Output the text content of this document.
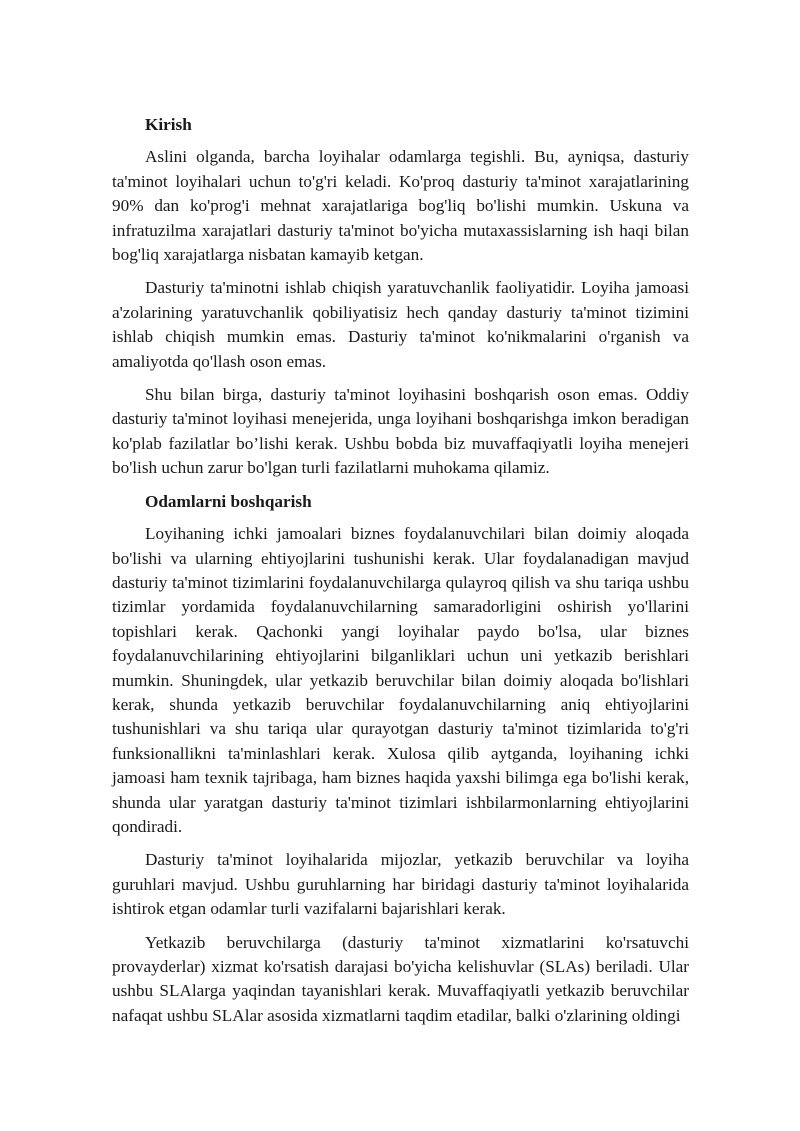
Kirish

Aslini olganda, barcha loyihalar odamlarga tegishli. Bu, ayniqsa, dasturiy ta'minot loyihalari uchun to'g'ri keladi. Ko'proq dasturiy ta'minot xarajatlarining 90% dan ko'prog'i mehnat xarajatlariga bog'liq bo'lishi mumkin. Uskuna va infratuzilma xarajatlari dasturiy ta'minot bo'yicha mutaxassislarning ish haqi bilan bog'liq xarajatlarga nisbatan kamayib ketgan.

Dasturiy ta'minotni ishlab chiqish yaratuvchanlik faoliyatidir. Loyiha jamoasi a'zolarining yaratuvchanlik qobiliyatisiz hech qanday dasturiy ta'minot tizimini ishlab chiqish mumkin emas. Dasturiy ta'minot ko'nikmalarini o'rganish va amaliyotda qo'llash oson emas.

Shu bilan birga, dasturiy ta'minot loyihasini boshqarish oson emas. Oddiy dasturiy ta'minot loyihasi menejerida, unga loyihani boshqarishga imkon beradigan ko'plab fazilatlar bo’lishi kerak. Ushbu bobda biz muvaffaqiyatli loyiha menejeri bo'lish uchun zarur bo'lgan turli fazilatlarni muhokama qilamiz.

Odamlarni boshqarish

Loyihaning ichki jamoalari biznes foydalanuvchilari bilan doimiy aloqada bo'lishi va ularning ehtiyojlarini tushunishi kerak. Ular foydalanadigan mavjud dasturiy ta'minot tizimlarini foydalanuvchilarga qulayroq qilish va shu tariqa ushbu tizimlar yordamida foydalanuvchilarning samaradorligini oshirish yo'llarini topishlari kerak. Qachonki yangi loyihalar paydo bo'lsa, ular biznes foydalanuvchilarining ehtiyojlarini bilganliklari uchun uni yetkazib berishlari mumkin. Shuningdek, ular yetkazib beruvchilar bilan doimiy aloqada bo'lishlari kerak, shunda yetkazib beruvchilar foydalanuvchilarning aniq ehtiyojlarini tushunishlari va shu tariqa ular qurayotgan dasturiy ta'minot tizimlarida to'g'ri funksionallikni ta'minlashlari kerak. Xulosa qilib aytganda, loyihaning ichki jamoasi ham texnik tajribaga, ham biznes haqida yaxshi bilimga ega bo'lishi kerak, shunda ular yaratgan dasturiy ta'minot tizimlari ishbilarmonlarning ehtiyojlarini qondiradi.

Dasturiy ta'minot loyihalarida mijozlar, yetkazib beruvchilar va loyiha guruhlari mavjud. Ushbu guruhlarning har biridagi dasturiy ta'minot loyihalarida ishtirok etgan odamlar turli vazifalarni bajarishlari kerak.

Yetkazib beruvchilarga (dasturiy ta'minot xizmatlarini ko'rsatuvchi provayderlar) xizmat ko'rsatish darajasi bo'yicha kelishuvlar (SLAs) beriladi. Ular ushbu SLAlarga yaqindan tayanishlari kerak. Muvaffaqiyatli yetkazib beruvchilar nafaqat ushbu SLAlar asosida xizmatlarni taqdim etadilar, balki o'zlarining oldingi
